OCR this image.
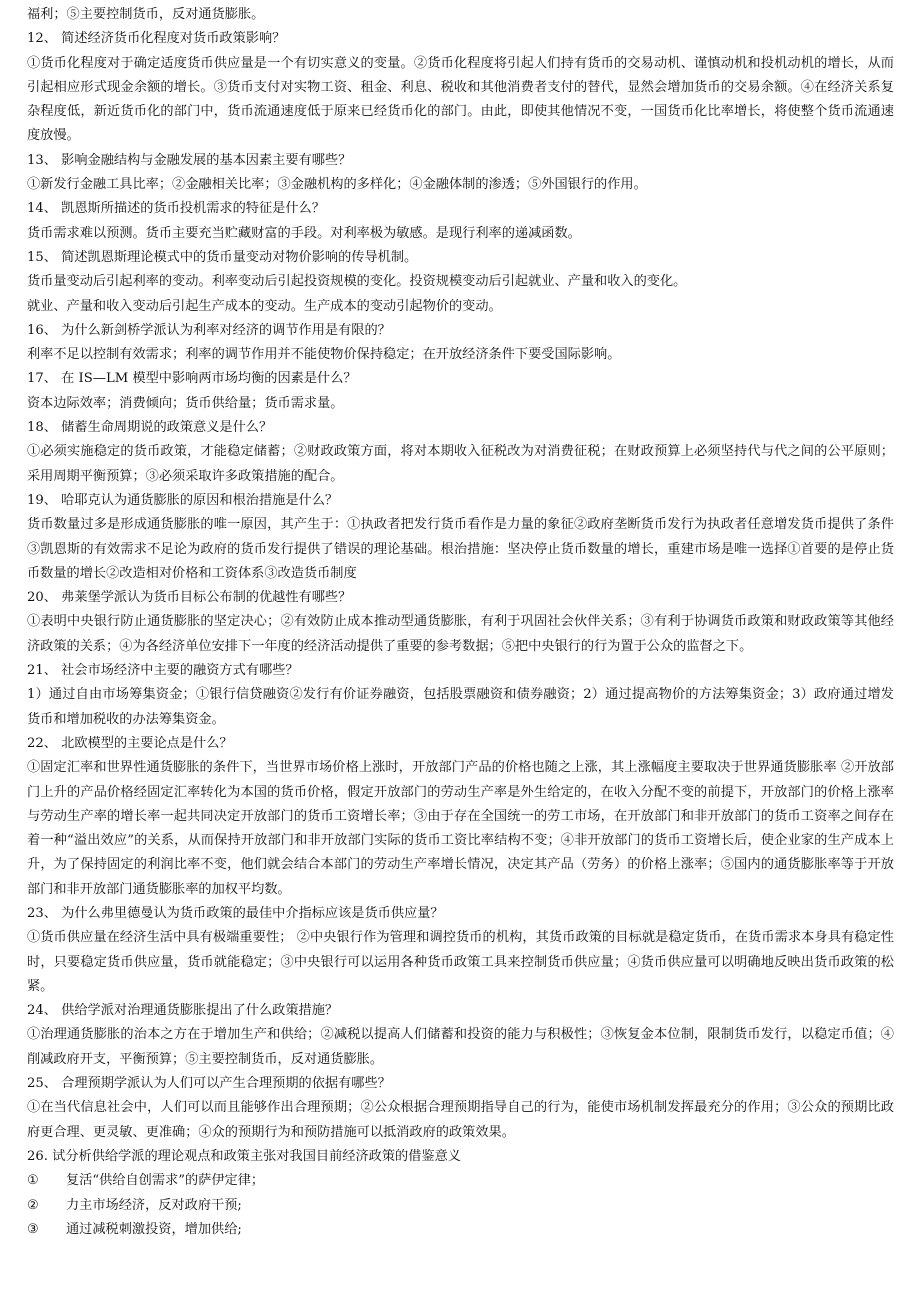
福利；⑤主要控制货币，反对通货膨胀。

12、 简述经济货币化程度对货币政策影响？

①货币化程度对于确定适度货币供应量是一个有切实意义的变量。②货币化程度将引起人们持有货币的交易动机、谨慎动机和投机动机的增长，从而引起相应形式现金余额的增长。③货币支付对实物工资、租金、利息、税收和其他消费者支付的替代，显然会增加货币的交易余额。④在经济关系复杂程度低，新近货币化的部门中，货币流通速度低于原来已经货币化的部门。由此，即使其他情况不变，一国货币化比率增长，将使整个货币流通速度放慢。

13、 影响金融结构与金融发展的基本因素主要有哪些？

①新发行金融工具比率；②金融相关比率；③金融机构的多样化；④金融体制的渗透；⑤外国银行的作用。

14、 凯恩斯所描述的货币投机需求的特征是什么？

货币需求难以预测。货币主要充当贮藏财富的手段。对利率极为敏感。是现行利率的递减函数。

15、 简述凯恩斯理论模式中的货币量变动对物价影响的传导机制。

货币量变动后引起利率的变动。利率变动后引起投资规模的变化。投资规模变动后引起就业、产量和收入的变化。

就业、产量和收入变动后引起生产成本的变动。生产成本的变动引起物价的变动。

16、 为什么新剑桥学派认为利率对经济的调节作用是有限的？

利率不足以控制有效需求；利率的调节作用并不能使物价保持稳定；在开放经济条件下要受国际影响。

17、 在 IS—LM 模型中影响两市场均衡的因素是什么？

资本边际效率；消费倾向；货币供给量；货币需求量。

18、 储蓄生命周期说的政策意义是什么？

①必须实施稳定的货币政策，才能稳定储蓄；②财政政策方面，将对本期收入征税改为对消费征税；在财政预算上必须坚持代与代之间的公平原则；采用周期平衡预算；③必须采取许多政策措施的配合。

19、 哈耶克认为通货膨胀的原因和根治措施是什么？

货币数量过多是形成通货膨胀的唯一原因，其产生于：①执政者把发行货币看作是力量的象征②政府垄断货币发行为执政者任意增发货币提供了条件③凯恩斯的有效需求不足论为政府的货币发行提供了错误的理论基础。根治措施：坚决停止货币数量的增长，重建市场是唯一选择①首要的是停止货币数量的增长②改造相对价格和工资体系③改造货币制度

20、 弗莱堡学派认为货币目标公布制的优越性有哪些？

①表明中央银行防止通货膨胀的坚定决心；②有效防止成本推动型通货膨胀，有利于巩固社会伙伴关系；③有利于协调货币政策和财政政策等其他经济政策的关系；④为各经济单位安排下一年度的经济活动提供了重要的参考数据；⑤把中央银行的行为置于公众的监督之下。

21、 社会市场经济中主要的融资方式有哪些？

1）通过自由市场筹集资金；①银行信贷融资②发行有价证券融资，包括股票融资和债券融资；2）通过提高物价的方法筹集资金；3）政府通过增发货币和增加税收的办法筹集资金。

22、 北欧模型的主要论点是什么？

①固定汇率和世界性通货膨胀的条件下，当世界市场价格上涨时，开放部门产品的价格也随之上涨，其上涨幅度主要取决于世界通货膨胀率 ②开放部门上升的产品价格经固定汇率转化为本国的货币价格，假定开放部门的劳动生产率是外生给定的，在收入分配不变的前提下，开放部门的价格上涨率与劳动生产率的增长率一起共同决定开放部门的货币工资增长率；③由于存在全国统一的劳工市场，在开放部门和非开放部门的货币工资率之间存在着一种“溢出效应”的关系，从而保持开放部门和非开放部门实际的货币工资比率结构不变；④非开放部门的货币工资增长后，使企业家的生产成本上升，为了保持固定的利润比率不变，他们就会结合本部门的劳动生产率增长情况，决定其产品（劳务）的价格上涨率；⑤国内的通货膨胀率等于开放部门和非开放部门通货膨胀率的加权平均数。

23、 为什么弗里德曼认为货币政策的最佳中介指标应该是货币供应量？

①货币供应量在经济生活中具有极端重要性； ②中央银行作为管理和调控货币的机构，其货币政策的目标就是稳定货币，在货币需求本身具有稳定性时，只要稳定货币供应量，货币就能稳定；③中央银行可以运用各种货币政策工具来控制货币供应量；④货币供应量可以明确地反映出货币政策的松紧。

24、 供给学派对治理通货膨胀提出了什么政策措施？

①治理通货膨胀的治本之方在于增加生产和供给；②减税以提高人们储蓄和投资的能力与积极性；③恢复金本位制，限制货币发行，以稳定币值；④削减政府开支，平衡预算；⑤主要控制货币，反对通货膨胀。

25、 合理预期学派认为人们可以产生合理预期的依据有哪些？

①在当代信息社会中，人们可以而且能够作出合理预期；②公众根据合理预期指导自己的行为，能使市场机制发挥最充分的作用；③公众的预期比政府更合理、更灵敏、更准确；④众的预期行为和预防措施可以抵消政府的政策效果。

26. 试分析供给学派的理论观点和政策主张对我国目前经济政策的借鉴意义

①	复活“供给自创需求”的萨伊定律；
②	力主市场经济，反对政府干预;
③	通过减税刺激投资，增加供给;
